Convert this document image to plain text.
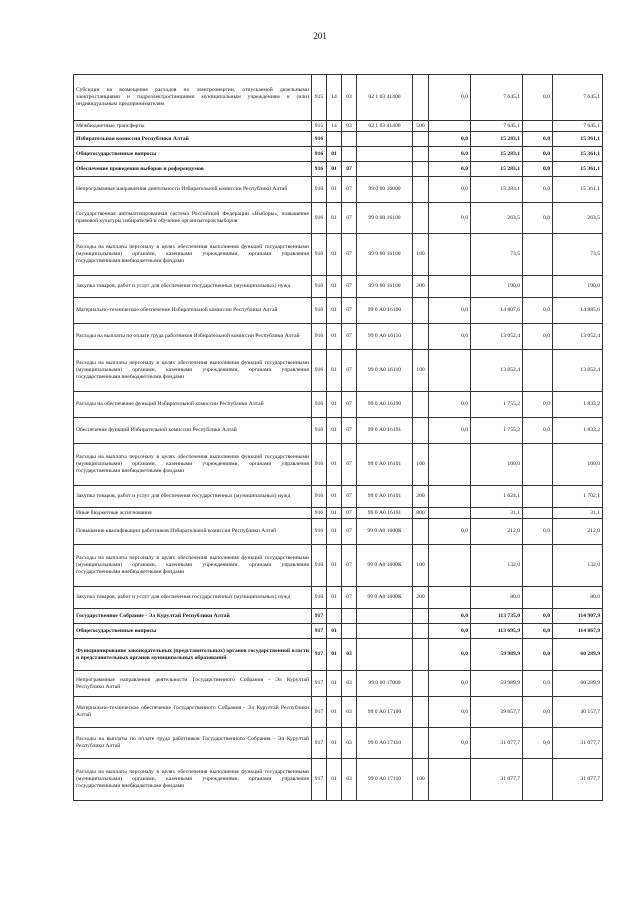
201
Субсидии на возмещение расходов по электроэнергии, отпускаемой дизельными электростанциями и гидроэлектростанциями муниципальным учреждениям и (или) индивидуальным предпринимателям	915	14	03	02 1 03 41400		0,0	7 645,1	0,0	7 645,1
Межбюджетные трансферты	915	14	03	02 1 03 41400	500		7 645,1		7 645,1
Избирательная комиссия Республики Алтай	916					0,0	15 283,1	0,0	15 361,1
Общегосударственные вопросы	916	01				0,0	15 283,1	0,0	15 361,1
Обеспечение проведения выборов и референдумов	916	01	07			0,0	15 283,1	0,0	15 361,1
Непрограммные направления деятельности Избирательной комиссии Республики Алтай	916	01	07	99 0 00 16000		0,0	15 283,1	0,0	15 361,1
Государственная автоматизированная система Российской Федерации «Выборы», повышение правовой культуры избирателей и обучение организаторов выборов	916	01	07	99 0 00 16100		0,0	263,5	0,0	263,5
Расходы на выплаты персоналу в целях обеспечения выполнения функций государственными (муниципальными) органами, казенными учреждениями, органами управления государственными внебюджетными фондами	916	01	07	99 0 00 16100	100		73,5		73,5
Закупка товаров, работ и услуг для обеспечения государственных (муниципальных) нужд	916	01	07	99 0 00 16100	200		190,0		190,0
Материально-техническое обеспечение Избирательной комиссии Республики Алтай	916	01	07	99 0 А0 16100		0,0	14 807,6	0,0	14 885,6
Расходы на выплаты по оплате труда работников Избирательной комиссии Республики Алтай	916	01	07	99 0 А0 16110		0,0	13 052,4	0,0	13 052,4
Расходы на выплаты персоналу в целях обеспечения выполнения функций государственными (муниципальными) органами, казенными учреждениями, органами управления государственными внебюджетными фондами	916	01	07	99 0 А0 16110	100		13 052,4		13 052,4
Расходы на обеспечение функций Избирательной комиссии Республики Алтай	916	01	07	99 0 А0 16190		0,0	1 755,2	0,0	1 833,2
Обеспечение функций Избирательной комиссии Республики Алтай	916	01	07	99 0 А0 16191		0,0	1 755,2	0,0	1 833,2
Расходы на выплаты персоналу в целях обеспечения выполнения функций государственными (муниципальными) органами, казенными учреждениями, органами управления государственными внебюджетными фондами	916	01	07	99 0 А0 16191	100		100,0		100,0
Закупка товаров, работ и услуг для обеспечения государственных (муниципальных) нужд	916	01	07	99 0 А0 16191	200		1 624,1		1 702,1
Иные бюджетные ассигнования	916	01	07	99 0 А0 16191	800		31,1		31,1
Повышение квалификации работников Избирательной комиссии Республики Алтай	916	01	07	99 0 А0 1600К		0,0	212,0	0,0	212,0
Расходы на выплаты персоналу в целях обеспечения выполнения функций государственными (муниципальными) органами, казенными учреждениями, органами управления государственными внебюджетными фондами	916	01	07	99 0 А0 1600К	100		132,0		132,0
Закупка товаров, работ и услуг для обеспечения государственных (муниципальных) нужд	916	01	07	99 0 А0 1600К	200		80,0		80,0
Государственное Собрание - Эл Курултай Республики Алтай	917					0,0	113 735,0	0,0	114 907,9
Общегосударственные вопросы	917	01				0,0	113 695,9	0,0	114 867,9
Функционирование законодательных (представительных) органов государственной власти и представительных органов муниципальных образований	917	01	03			0,0	59 989,9	0,0	60 289,9
Непрограммные направления деятельности Государственного Собрания - Эл Курултай Республики Алтай	917	01	03	99 0 00 17000		0,0	59 989,9	0,0	60 289,9
Материально-техническое обеспечение Государственного Собрания - Эл Курултай Республики Алтай	917	01	03	99 0 А0 17100		0,0	39 857,7	0,0	40 157,7
Расходы на выплаты по оплате труда работников Государственного Собрания - Эл Курултай Республики Алтай	917	01	03	99 0 А0 17110		0,0	31 077,7	0,0	31 077,7
Расходы на выплаты персоналу в целях обеспечения выполнения функций государственными (муниципальными) органами, казенными учреждениями, органами управления государственными внебюджетными фондами	917	01	03	99 0 А0 17110	100		31 077,7		31 077,7
